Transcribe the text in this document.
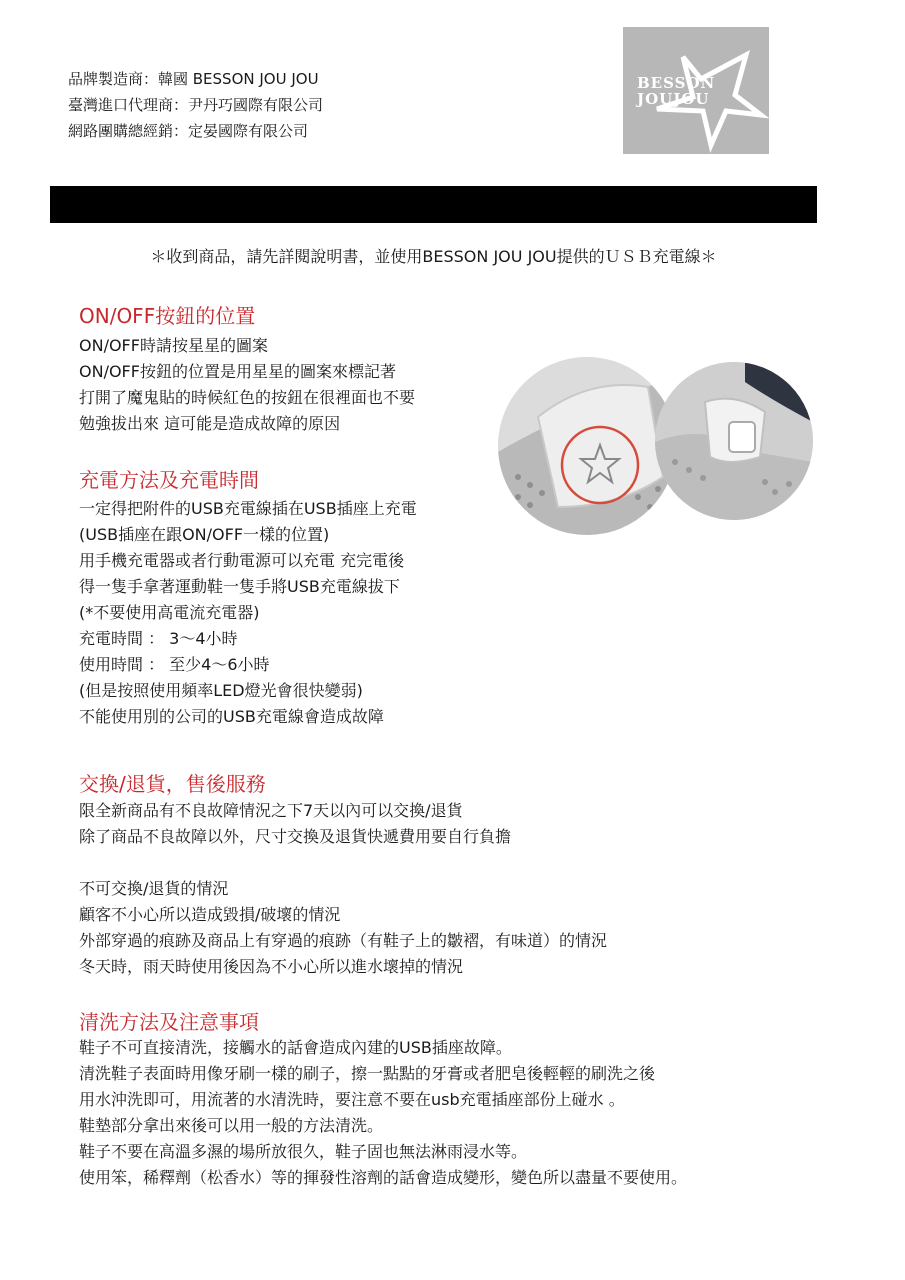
品牌製造商：韓國 BESSON JOU JOU
臺灣進口代理商：尹丹巧國際有限公司
網路團購總經銷：定晏國際有限公司
BESSON
JOUJOU
＊收到商品，請先詳閱說明書，並使用BESSON JOU JOU提供的ＵＳＢ充電線＊
ON/OFF按鈕的位置
ON/OFF時請按星星的圖案
ON/OFF按鈕的位置是用星星的圖案來標記著
打開了魔鬼貼的時候紅色的按鈕在很裡面也不要
勉強拔出來 這可能是造成故障的原因
充電方法及充電時間
一定得把附件的USB充電線插在USB插座上充電
(USB插座在跟ON/OFF一樣的位置)
用手機充電器或者行動電源可以充電 充完電後
得一隻手拿著運動鞋一隻手將USB充電線拔下
(*不要使用高電流充電器)
充電時間 ： 3～4小時
使用時間 ： 至少4～6小時
(但是按照使用頻率LED燈光會很快變弱)
不能使用別的公司的USB充電線會造成故障
交換/退貨，售後服務
限全新商品有不良故障情況之下7天以內可以交換/退貨
除了商品不良故障以外，尺寸交換及退貨快遞費用要自行負擔
不可交換/退貨的情況
顧客不小心所以造成毀損/破壞的情況
外部穿過的痕跡及商品上有穿過的痕跡（有鞋子上的皺褶，有味道）的情況
冬天時，雨天時使用後因為不小心所以進水壞掉的情況
清洗方法及注意事項
鞋子不可直接清洗，接觸水的話會造成內建的USB插座故障。
清洗鞋子表面時用像牙刷一樣的刷子，擦一點點的牙膏或者肥皂後輕輕的刷洗之後
用水沖洗即可，用流著的水清洗時，要注意不要在usb充電插座部份上碰水 。
鞋墊部分拿出來後可以用一般的方法清洗。
鞋子不要在高溫多濕的場所放很久，鞋子固也無法淋雨浸水等。
使用笨，稀釋劑（松香水）等的揮發性溶劑的話會造成變形，變色所以盡量不要使用。
